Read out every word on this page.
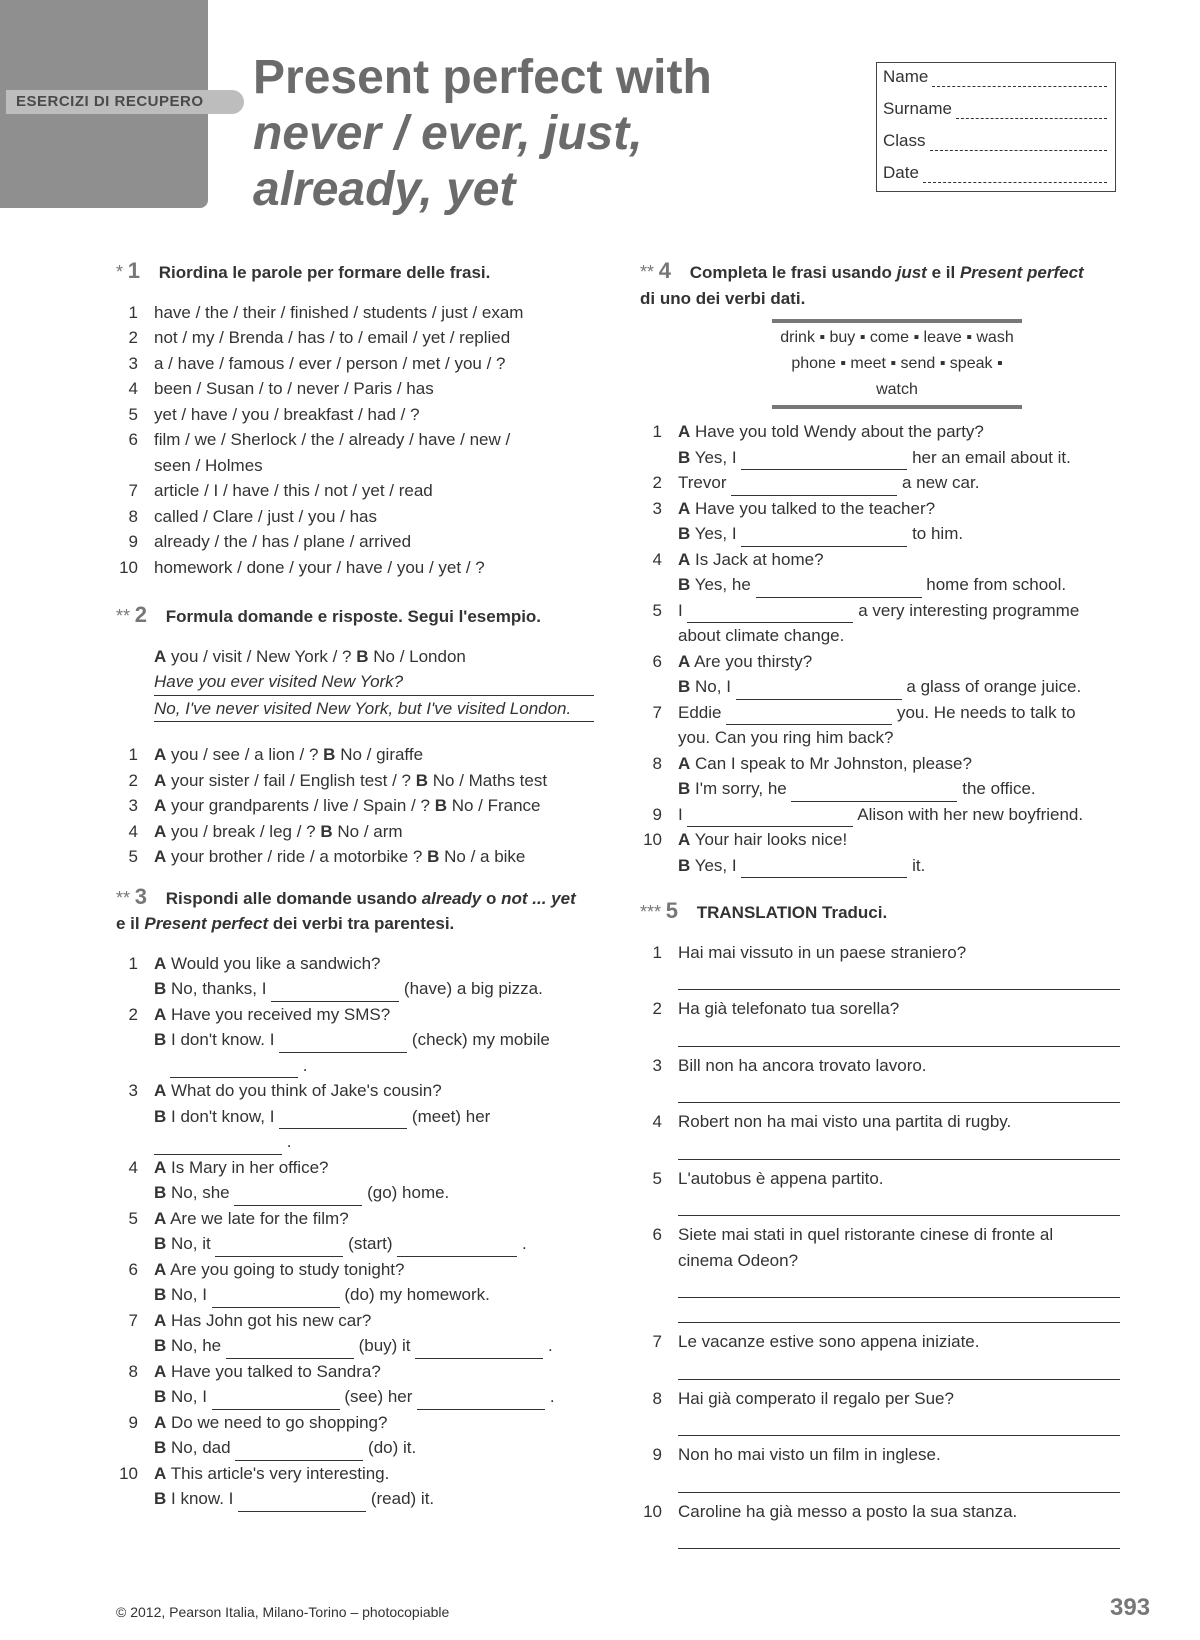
ESERCIZI DI RECUPERO Present perfect with
never / ever, just,
already, yet
Name
Surname
Class
Date
* 1 Riordina le parole per formare delle frasi.
1 have / the / their / finished / students / just / exam
2 not / my / Brenda / has / to / email / yet / replied
3 a / have / famous / ever / person / met / you / ?
4 been / Susan / to / never / Paris / has
5 yet / have / you / breakfast / had / ?
6 film / we / Sherlock / the / already / have / new /
seen / Holmes
7 article / I / have / this / not / yet / read
8 called / Clare / just / you / has
9 already / the / has / plane / arrived
10 homework / done / your / have / you / yet / ?
** 2 Formula domande e risposte. Segui l'esempio.
A you / visit / New York / ? B No / London
Have you ever visited New York?
No, I've never visited New York, but I've visited London.
1 A you / see / a lion / ? B No / giraffe
2 A your sister / fail / English test / ? B No / Maths test
3 A your grandparents / live / Spain / ? B No / France
4 A you / break / leg / ? B No / arm
5 A your brother / ride / a motorbike ? B No / a bike
** 3 Rispondi alle domande usando already o not ... yet
e il Present perfect dei verbi tra parentesi.
1 A Would you like a sandwich?
B No, thanks, I	(have) a big pizza.
2 A Have you received my SMS?
B I don't know. I	(check) my mobile
.
3 A What do you think of Jake's cousin?
B I don't know, I	(meet) her
.
4 A Is Mary in her office?
B No, she	(go) home.
5 A Are we late for the film?
B No, it	(start)	.
6 A Are you going to study tonight?
B No, I	(do) my homework.
7 A Has John got his new car?
B No, he	(buy) it	.
8 A Have you talked to Sandra?
B No, I	(see) her	.
9 A Do we need to go shopping?
B No, dad	(do) it.
10 A This article's very interesting.
B I know. I	(read) it.
** 4 Completa le frasi usando just e il Present perfect
di uno dei verbi dati.
drink ▪ buy ▪ come ▪ leave ▪ wash
phone ▪ meet ▪ send ▪ speak ▪ watch
1 A Have you told Wendy about the party?
B Yes, I	her an email about it.
2 Trevor	a new car.
3 A Have you talked to the teacher?
B Yes, I	to him.
4 A Is Jack at home?
B Yes, he	home from school.
5 I	a very interesting programme
about climate change.
6 A Are you thirsty?
B No, I	a glass of orange juice.
7 Eddie	you. He needs to talk to
you. Can you ring him back?
8 A Can I speak to Mr Johnston, please?
B I'm sorry, he	the office.
9 I	Alison with her new boyfriend.
10 A Your hair looks nice!
B Yes, I	it.
*** 5 TRANSLATION Traduci.
1 Hai mai vissuto in un paese straniero?
2 Ha già telefonato tua sorella?
3 Bill non ha ancora trovato lavoro.
4 Robert non ha mai visto una partita di rugby.
5 L'autobus è appena partito.
6 Siete mai stati in quel ristorante cinese di fronte al
cinema Odeon?
7 Le vacanze estive sono appena iniziate.
8 Hai già comperato il regalo per Sue?
9 Non ho mai visto un film in inglese.
10 Caroline ha già messo a posto la sua stanza.
© 2012, Pearson Italia, Milano-Torino – photocopiable	393
